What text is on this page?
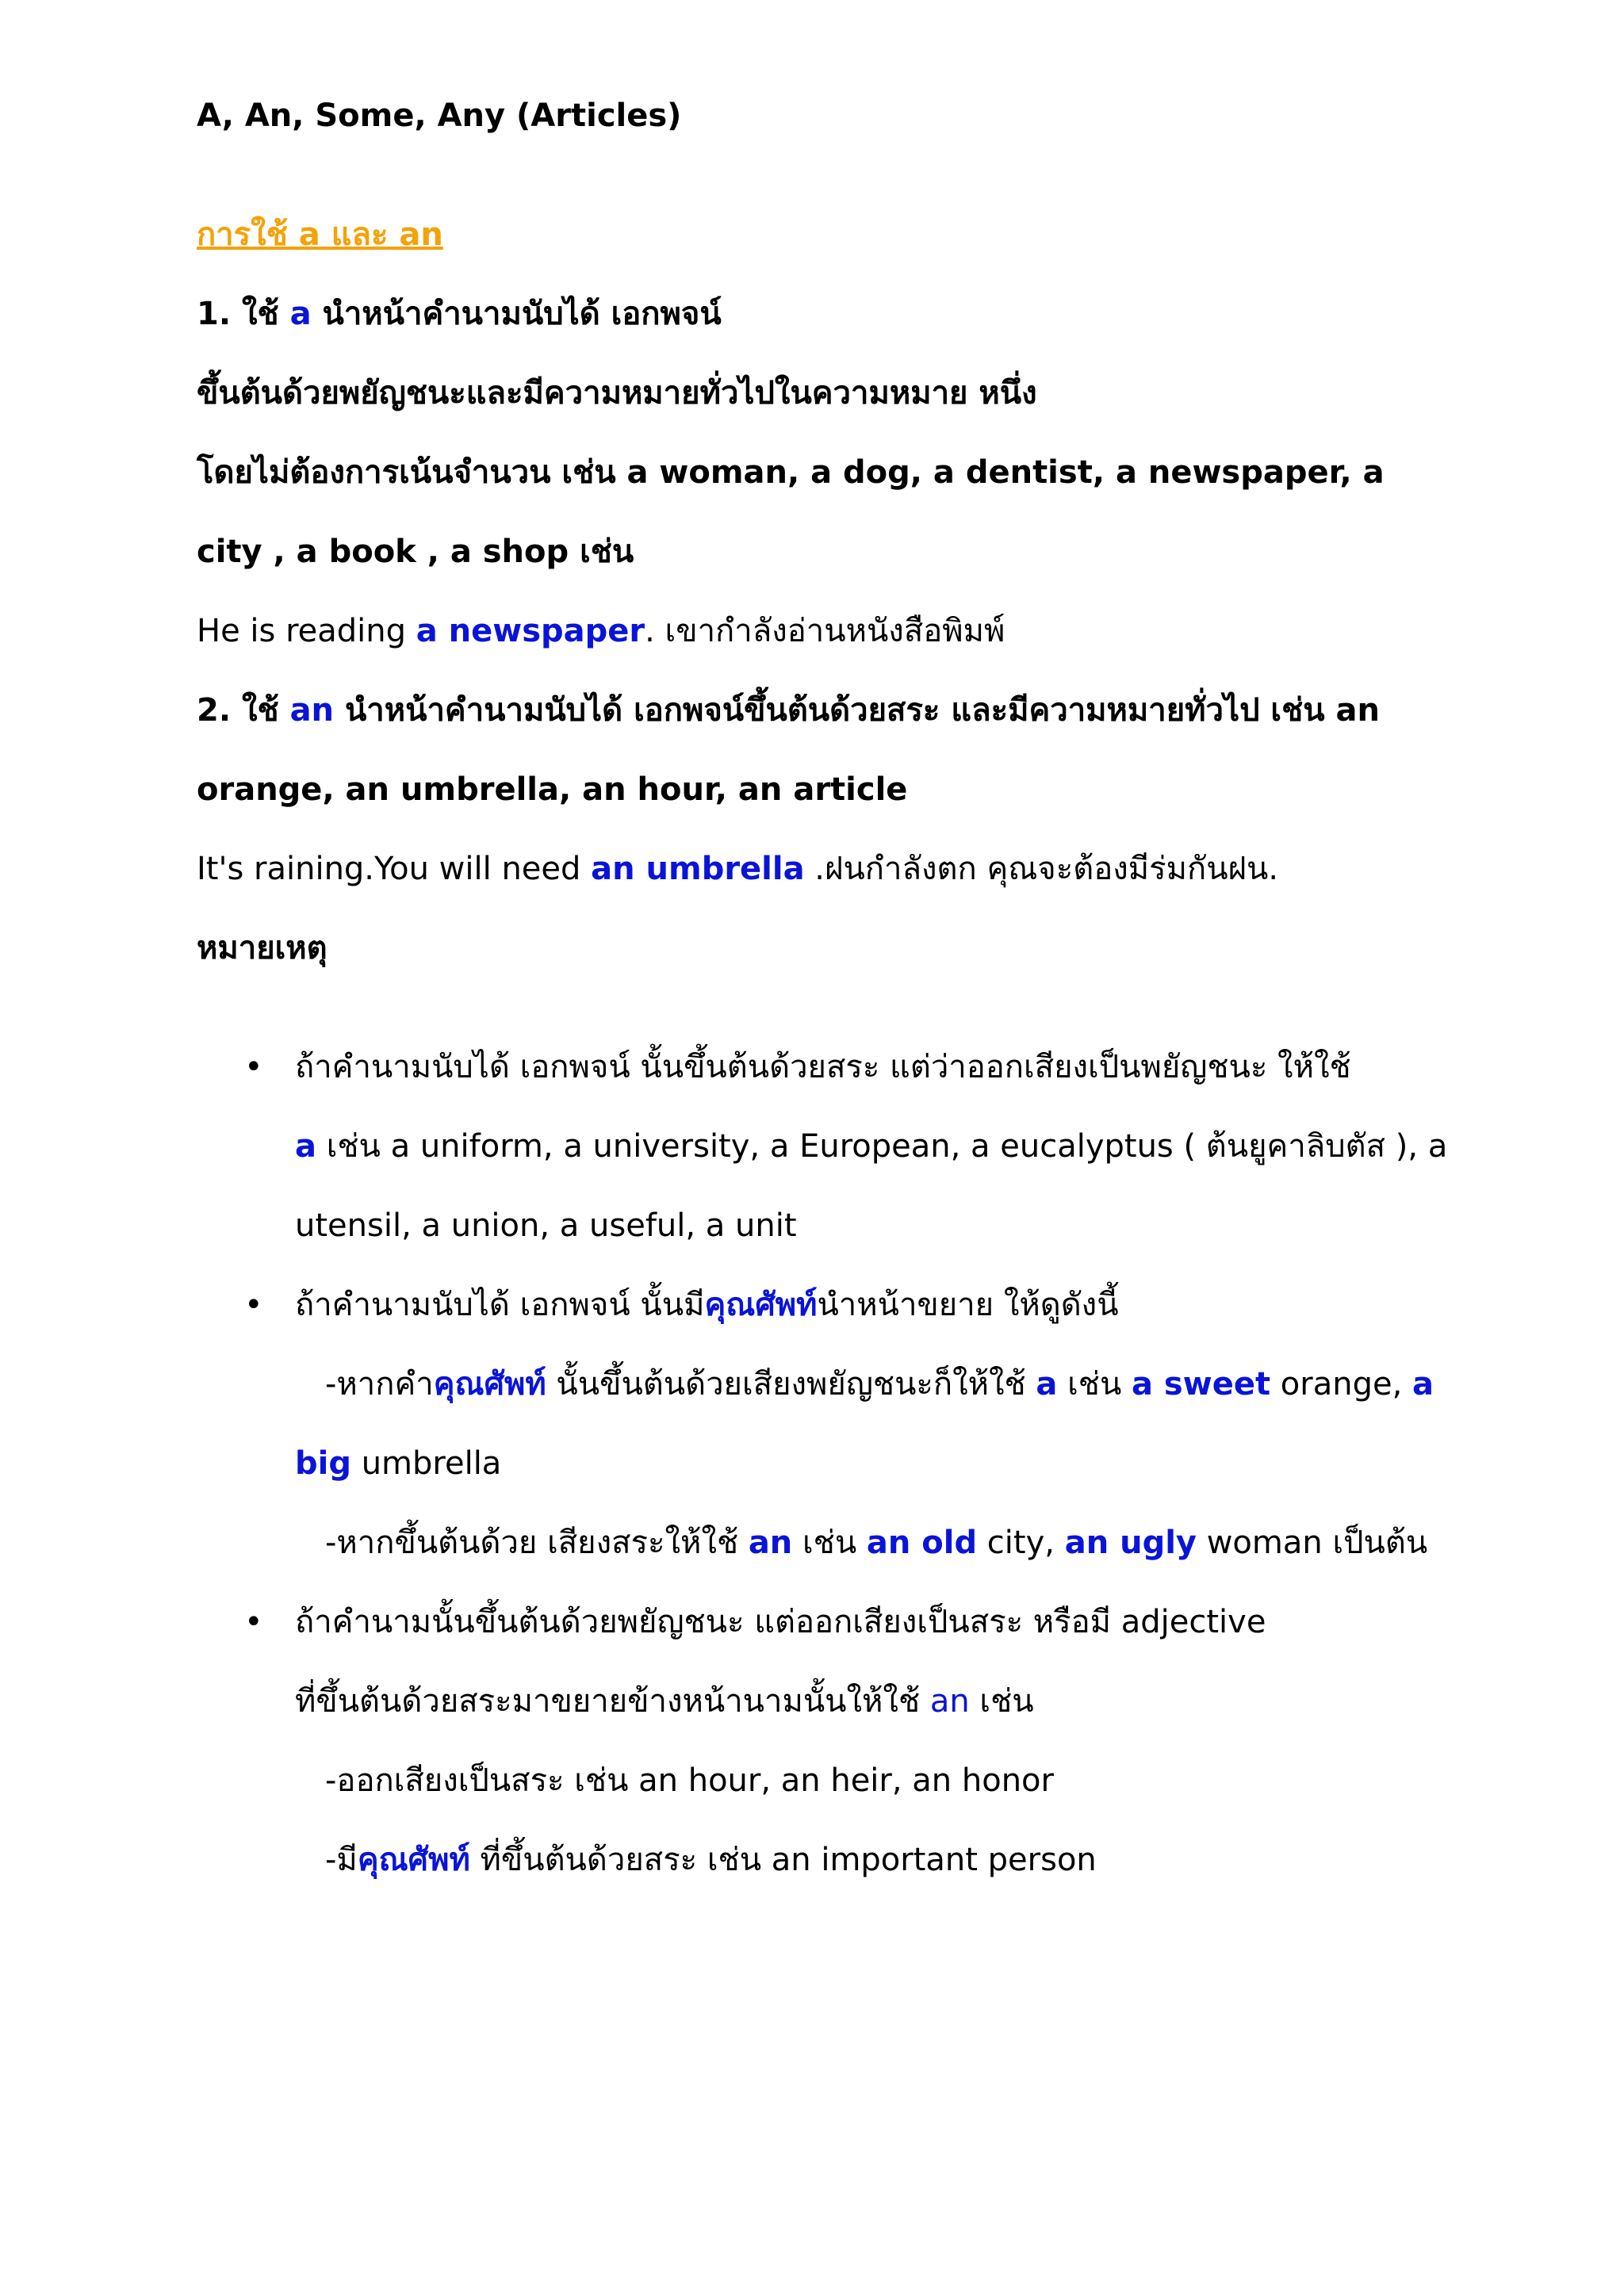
A, An, Some, Any (Articles)
การใช้ a และ an
1. ใช้ a นำหน้าคำนามนับได้ เอกพจน์
ขึ้นต้นด้วยพยัญชนะและมีความหมายทั่วไปในความหมาย หนึ่ง
โดยไม่ต้องการเน้นจำนวน เช่น a woman, a dog, a dentist, a newspaper, a
city , a book , a shop เช่น
He is reading a newspaper. เขากำลังอ่านหนังสือพิมพ์
2. ใช้ an นำหน้าคำนามนับได้ เอกพจน์ขึ้นต้นด้วยสระ และมีความหมายทั่วไป เช่น an
orange, an umbrella, an hour, an article
It's raining.You will need an umbrella .ฝนกำลังตก คุณจะต้องมีร่มกันฝน.
หมายเหตุ
• ถ้าคำนามนับได้ เอกพจน์ นั้นขึ้นต้นด้วยสระ แต่ว่าออกเสียงเป็นพยัญชนะ ให้ใช้
a เช่น a uniform, a university, a European, a eucalyptus ( ต้นยูคาลิบตัส ), a
utensil, a union, a useful, a unit
• ถ้าคำนามนับได้ เอกพจน์ นั้นมีคุณศัพท์นำหน้าขยาย ให้ดูดังนี้
-หากคำคุณศัพท์ นั้นขึ้นต้นด้วยเสียงพยัญชนะก็ให้ใช้ a เช่น a sweet orange, a
big umbrella
-หากขึ้นต้นด้วย เสียงสระให้ใช้ an เช่น an old city, an ugly woman เป็นต้น
• ถ้าคำนามนั้นขึ้นต้นด้วยพยัญชนะ แต่ออกเสียงเป็นสระ หรือมี adjective
ที่ขึ้นต้นด้วยสระมาขยายข้างหน้านามนั้นให้ใช้ an เช่น
-ออกเสียงเป็นสระ เช่น an hour, an heir, an honor
-มีคุณศัพท์ ที่ขึ้นต้นด้วยสระ เช่น an important person
